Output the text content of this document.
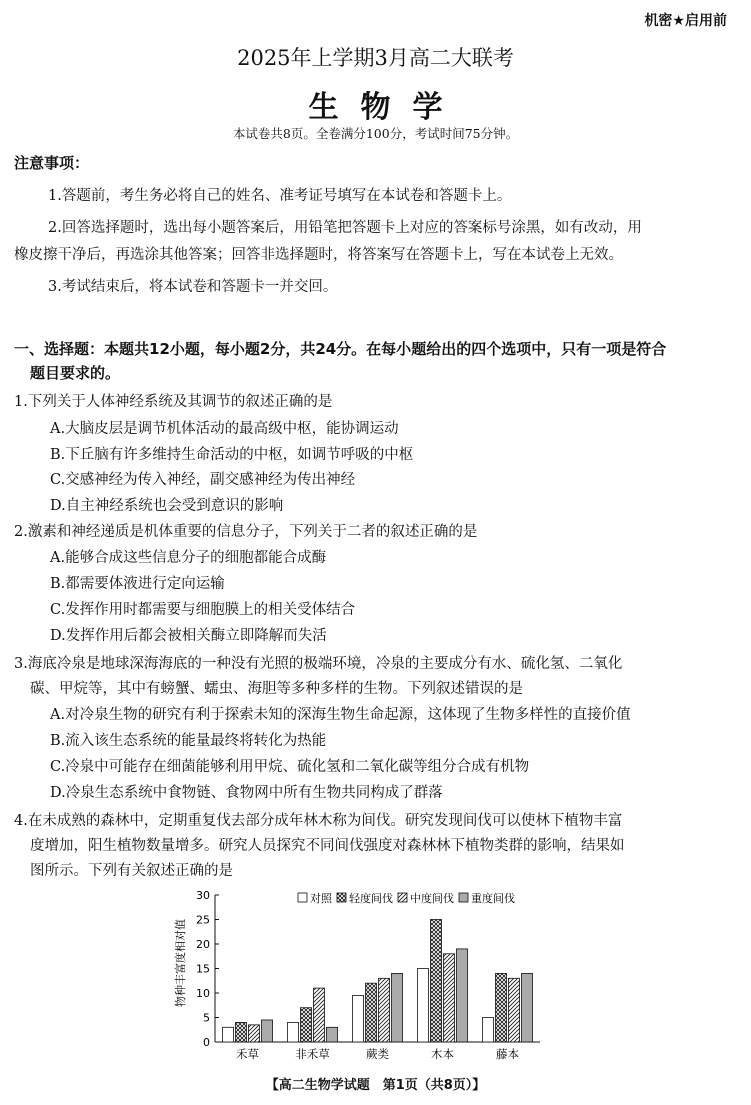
机密★启用前
2025年上学期3月高二大联考
生物学
本试卷共8页。全卷满分100分，考试时间75分钟。
注意事项：
1.答题前，考生务必将自己的姓名、准考证号填写在本试卷和答题卡上。
2.回答选择题时，选出每小题答案后，用铅笔把答题卡上对应的答案标号涂黑，如有改动，用
橡皮擦干净后，再选涂其他答案；回答非选择题时，将答案写在答题卡上，写在本试卷上无效。
3.考试结束后，将本试卷和答题卡一并交回。
一、选择题：本题共12小题，每小题2分，共24分。在每小题给出的四个选项中，只有一项是符合
题目要求的。
1.下列关于人体神经系统及其调节的叙述正确的是
A.大脑皮层是调节机体活动的最高级中枢，能协调运动
B.下丘脑有许多维持生命活动的中枢，如调节呼吸的中枢
C.交感神经为传入神经，副交感神经为传出神经
D.自主神经系统也会受到意识的影响
2.激素和神经递质是机体重要的信息分子，下列关于二者的叙述正确的是
A.能够合成这些信息分子的细胞都能合成酶
B.都需要体液进行定向运输
C.发挥作用时都需要与细胞膜上的相关受体结合
D.发挥作用后都会被相关酶立即降解而失活
3.海底冷泉是地球深海海底的一种没有光照的极端环境，冷泉的主要成分有水、硫化氢、二氧化
碳、甲烷等，其中有螃蟹、蠕虫、海胆等多种多样的生物。下列叙述错误的是
A.对冷泉生物的研究有利于探索未知的深海生物生命起源，这体现了生物多样性的直接价值
B.流入该生态系统的能量最终将转化为热能
C.冷泉中可能存在细菌能够利用甲烷、硫化氢和二氧化碳等组分合成有机物
D.冷泉生态系统中食物链、食物网中所有生物共同构成了群落
4.在未成熟的森林中，定期重复伐去部分成年林木称为间伐。研究发现间伐可以使林下植物丰富
度增加，阳生植物数量增多。研究人员探究不同间伐强度对森林林下植物类群的影响，结果如
图所示。下列有关叙述正确的是
物种丰富度相对值
0
5
10
15
20
25
30
禾草	非禾草	蕨类	木本	藤本
对照 轻度间伐 中度间伐 重度间伐
【高二生物学试题　第1页（共8页）】
